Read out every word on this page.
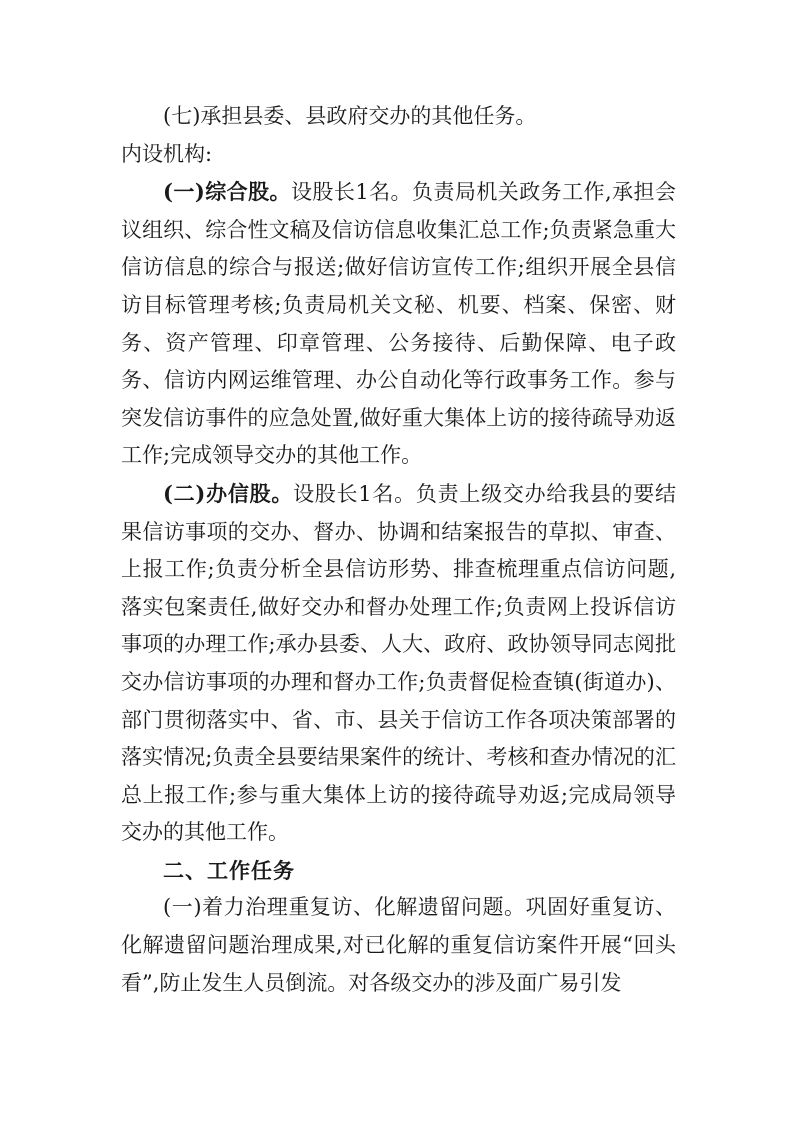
(七)承担县委、县政府交办的其他任务。

内设机构:

(一)综合股。设股长1名。负责局机关政务工作,承担会议组织、综合性文稿及信访信息收集汇总工作;负责紧急重大信访信息的综合与报送;做好信访宣传工作;组织开展全县信访目标管理考核;负责局机关文秘、机要、档案、保密、财务、资产管理、印章管理、公务接待、后勤保障、电子政务、信访内网运维管理、办公自动化等行政事务工作。参与突发信访事件的应急处置,做好重大集体上访的接待疏导劝返工作;完成领导交办的其他工作。

(二)办信股。设股长1名。负责上级交办给我县的要结果信访事项的交办、督办、协调和结案报告的草拟、审查、上报工作;负责分析全县信访形势、排查梳理重点信访问题,落实包案责任,做好交办和督办处理工作;负责网上投诉信访事项的办理工作;承办县委、人大、政府、政协领导同志阅批交办信访事项的办理和督办工作;负责督促检查镇(街道办)、部门贯彻落实中、省、市、县关于信访工作各项决策部署的落实情况;负责全县要结果案件的统计、考核和查办情况的汇总上报工作;参与重大集体上访的接待疏导劝返;完成局领导交办的其他工作。

二、工作任务

(一)着力治理重复访、化解遗留问题。巩固好重复访、化解遗留问题治理成果,对已化解的重复信访案件开展“回头看”,防止发生人员倒流。对各级交办的涉及面广易引发
